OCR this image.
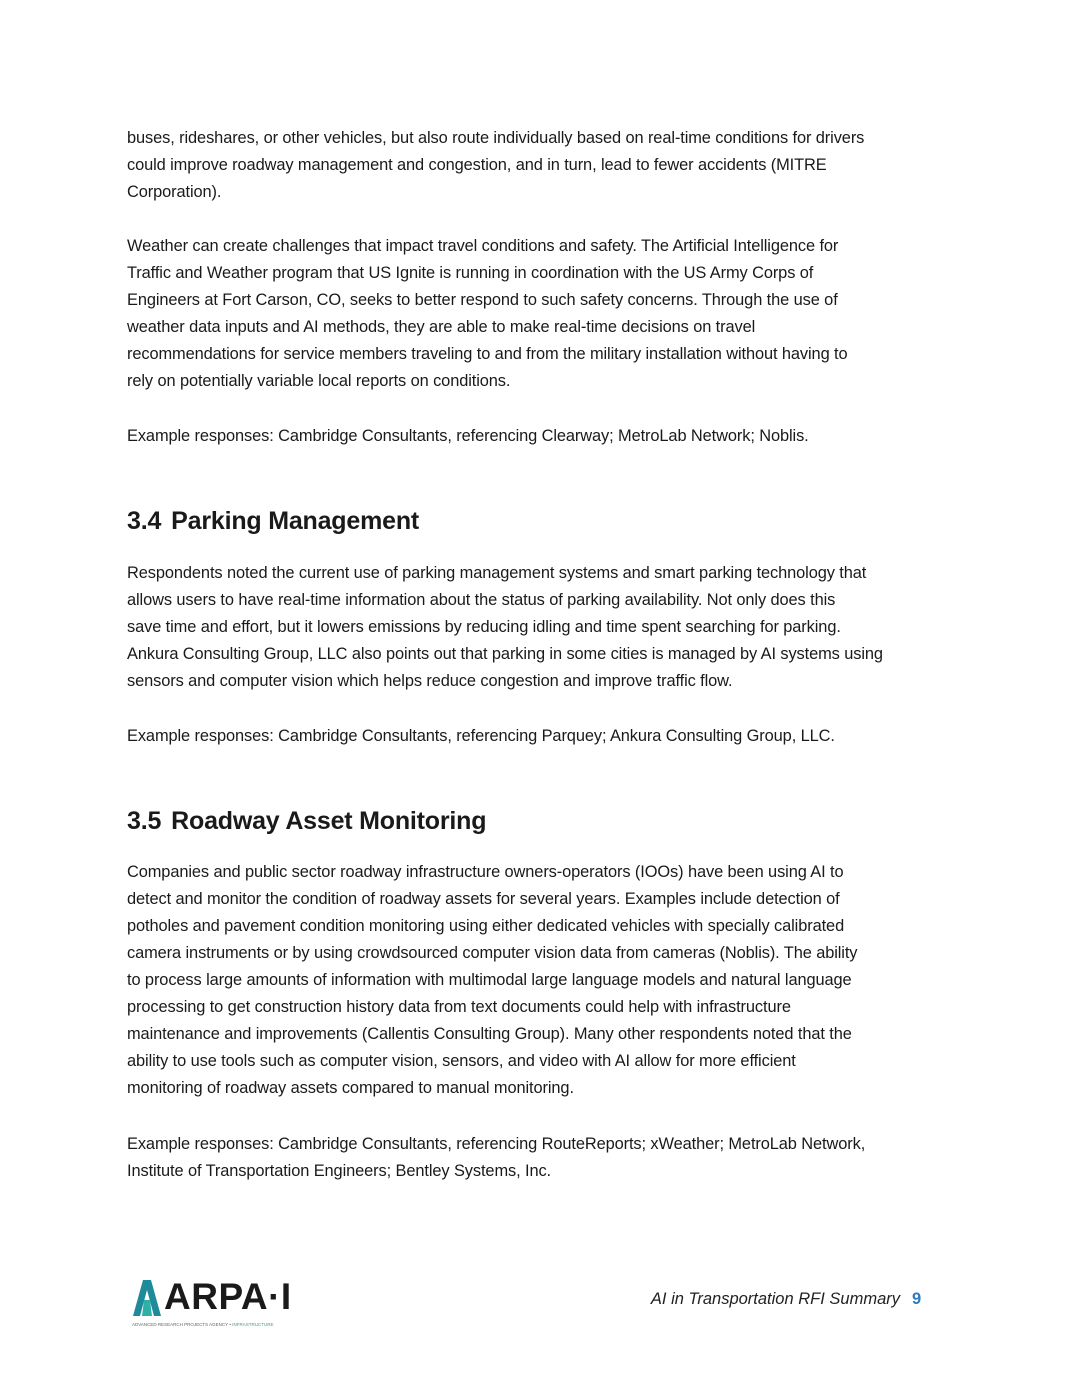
buses, rideshares, or other vehicles, but also route individually based on real-time conditions for drivers
could improve roadway management and congestion, and in turn, lead to fewer accidents (MITRE
Corporation).
Weather can create challenges that impact travel conditions and safety. The Artificial Intelligence for
Traffic and Weather program that US Ignite is running in coordination with the US Army Corps of
Engineers at Fort Carson, CO, seeks to better respond to such safety concerns. Through the use of
weather data inputs and AI methods, they are able to make real-time decisions on travel
recommendations for service members traveling to and from the military installation without having to
rely on potentially variable local reports on conditions.
Example responses: Cambridge Consultants, referencing Clearway; MetroLab Network; Noblis.
3.4 Parking Management
Respondents noted the current use of parking management systems and smart parking technology that
allows users to have real-time information about the status of parking availability. Not only does this
save time and effort, but it lowers emissions by reducing idling and time spent searching for parking.
Ankura Consulting Group, LLC also points out that parking in some cities is managed by AI systems using
sensors and computer vision which helps reduce congestion and improve traffic flow.
Example responses: Cambridge Consultants, referencing Parquey; Ankura Consulting Group, LLC.
3.5 Roadway Asset Monitoring
Companies and public sector roadway infrastructure owners-operators (IOOs) have been using AI to
detect and monitor the condition of roadway assets for several years. Examples include detection of
potholes and pavement condition monitoring using either dedicated vehicles with specially calibrated
camera instruments or by using crowdsourced computer vision data from cameras (Noblis). The ability
to process large amounts of information with multimodal large language models and natural language
processing to get construction history data from text documents could help with infrastructure
maintenance and improvements (Callentis Consulting Group). Many other respondents noted that the
ability to use tools such as computer vision, sensors, and video with AI allow for more efficient
monitoring of roadway assets compared to manual monitoring.
Example responses: Cambridge Consultants, referencing RouteReports; xWeather; MetroLab Network,
Institute of Transportation Engineers; Bentley Systems, Inc.
ARPA·I
ADVANCED RESEARCH PROJECTS AGENCY • INFRASTRUCTURE
AI in Transportation RFI Summary 9
